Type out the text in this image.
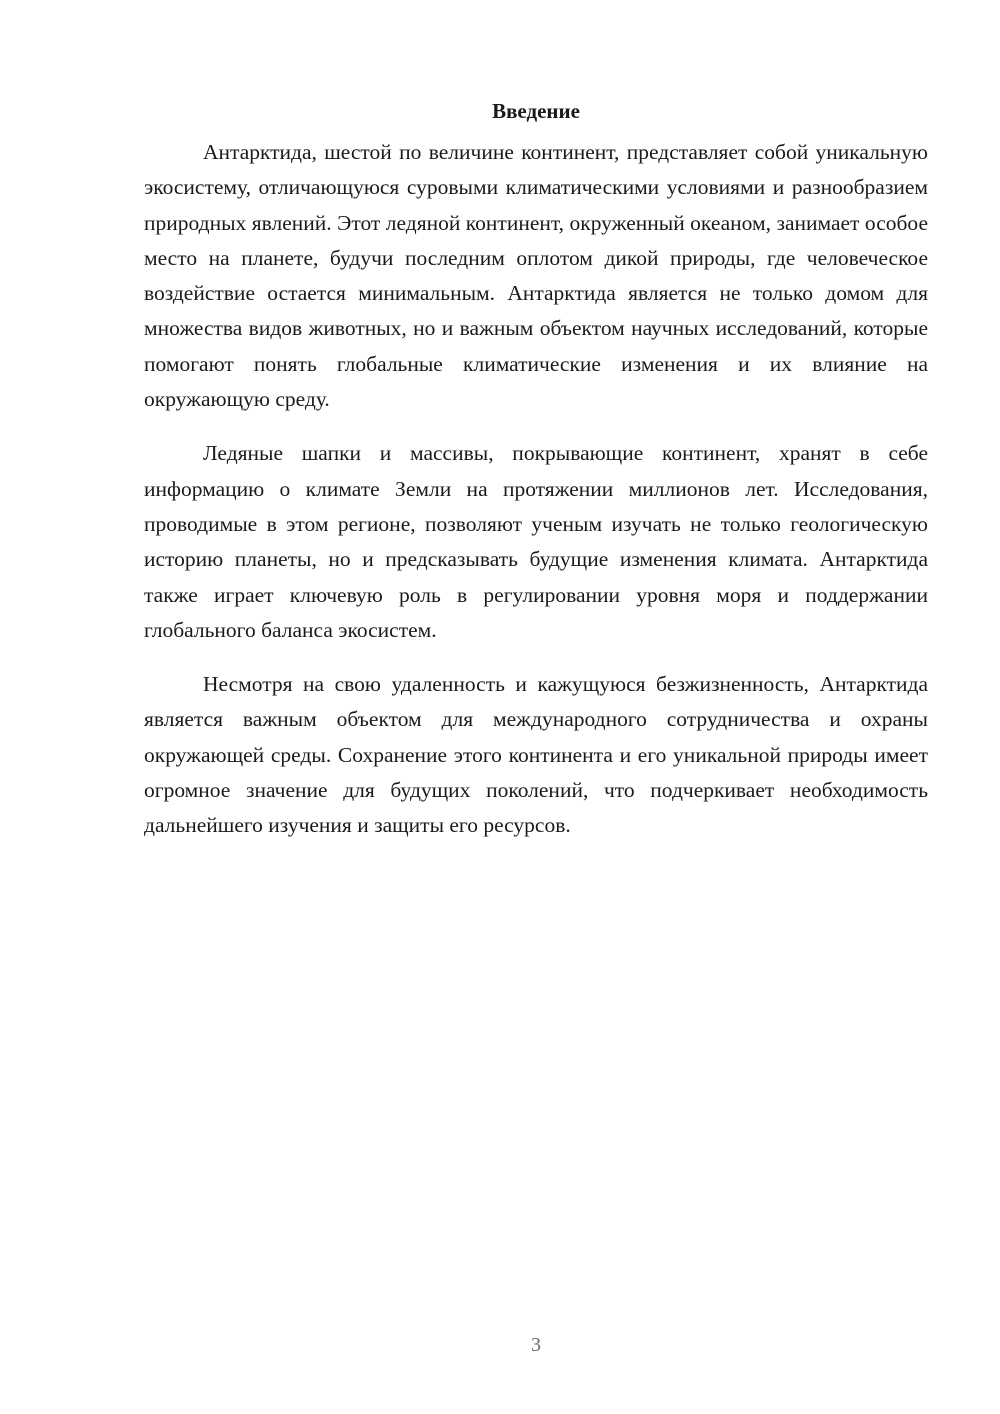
Введение

Антарктида, шестой по величине континент, представляет собой уникальную экосистему, отличающуюся суровыми климатическими условиями и разнообразием природных явлений. Этот ледяной континент, окруженный океаном, занимает особое место на планете, будучи последним оплотом дикой природы, где человеческое воздействие остается минимальным. Антарктида является не только домом для множества видов животных, но и важным объектом научных исследований, которые помогают понять глобальные климатические изменения и их влияние на окружающую среду.

Ледяные шапки и массивы, покрывающие континент, хранят в себе информацию о климате Земли на протяжении миллионов лет. Исследования, проводимые в этом регионе, позволяют ученым изучать не только геологическую историю планеты, но и предсказывать будущие изменения климата. Антарктида также играет ключевую роль в регулировании уровня моря и поддержании глобального баланса экосистем.

Несмотря на свою удаленность и кажущуюся безжизненность, Антарктида является важным объектом для международного сотрудничества и охраны окружающей среды. Сохранение этого континента и его уникальной природы имеет огромное значение для будущих поколений, что подчеркивает необходимость дальнейшего изучения и защиты его ресурсов.

3
